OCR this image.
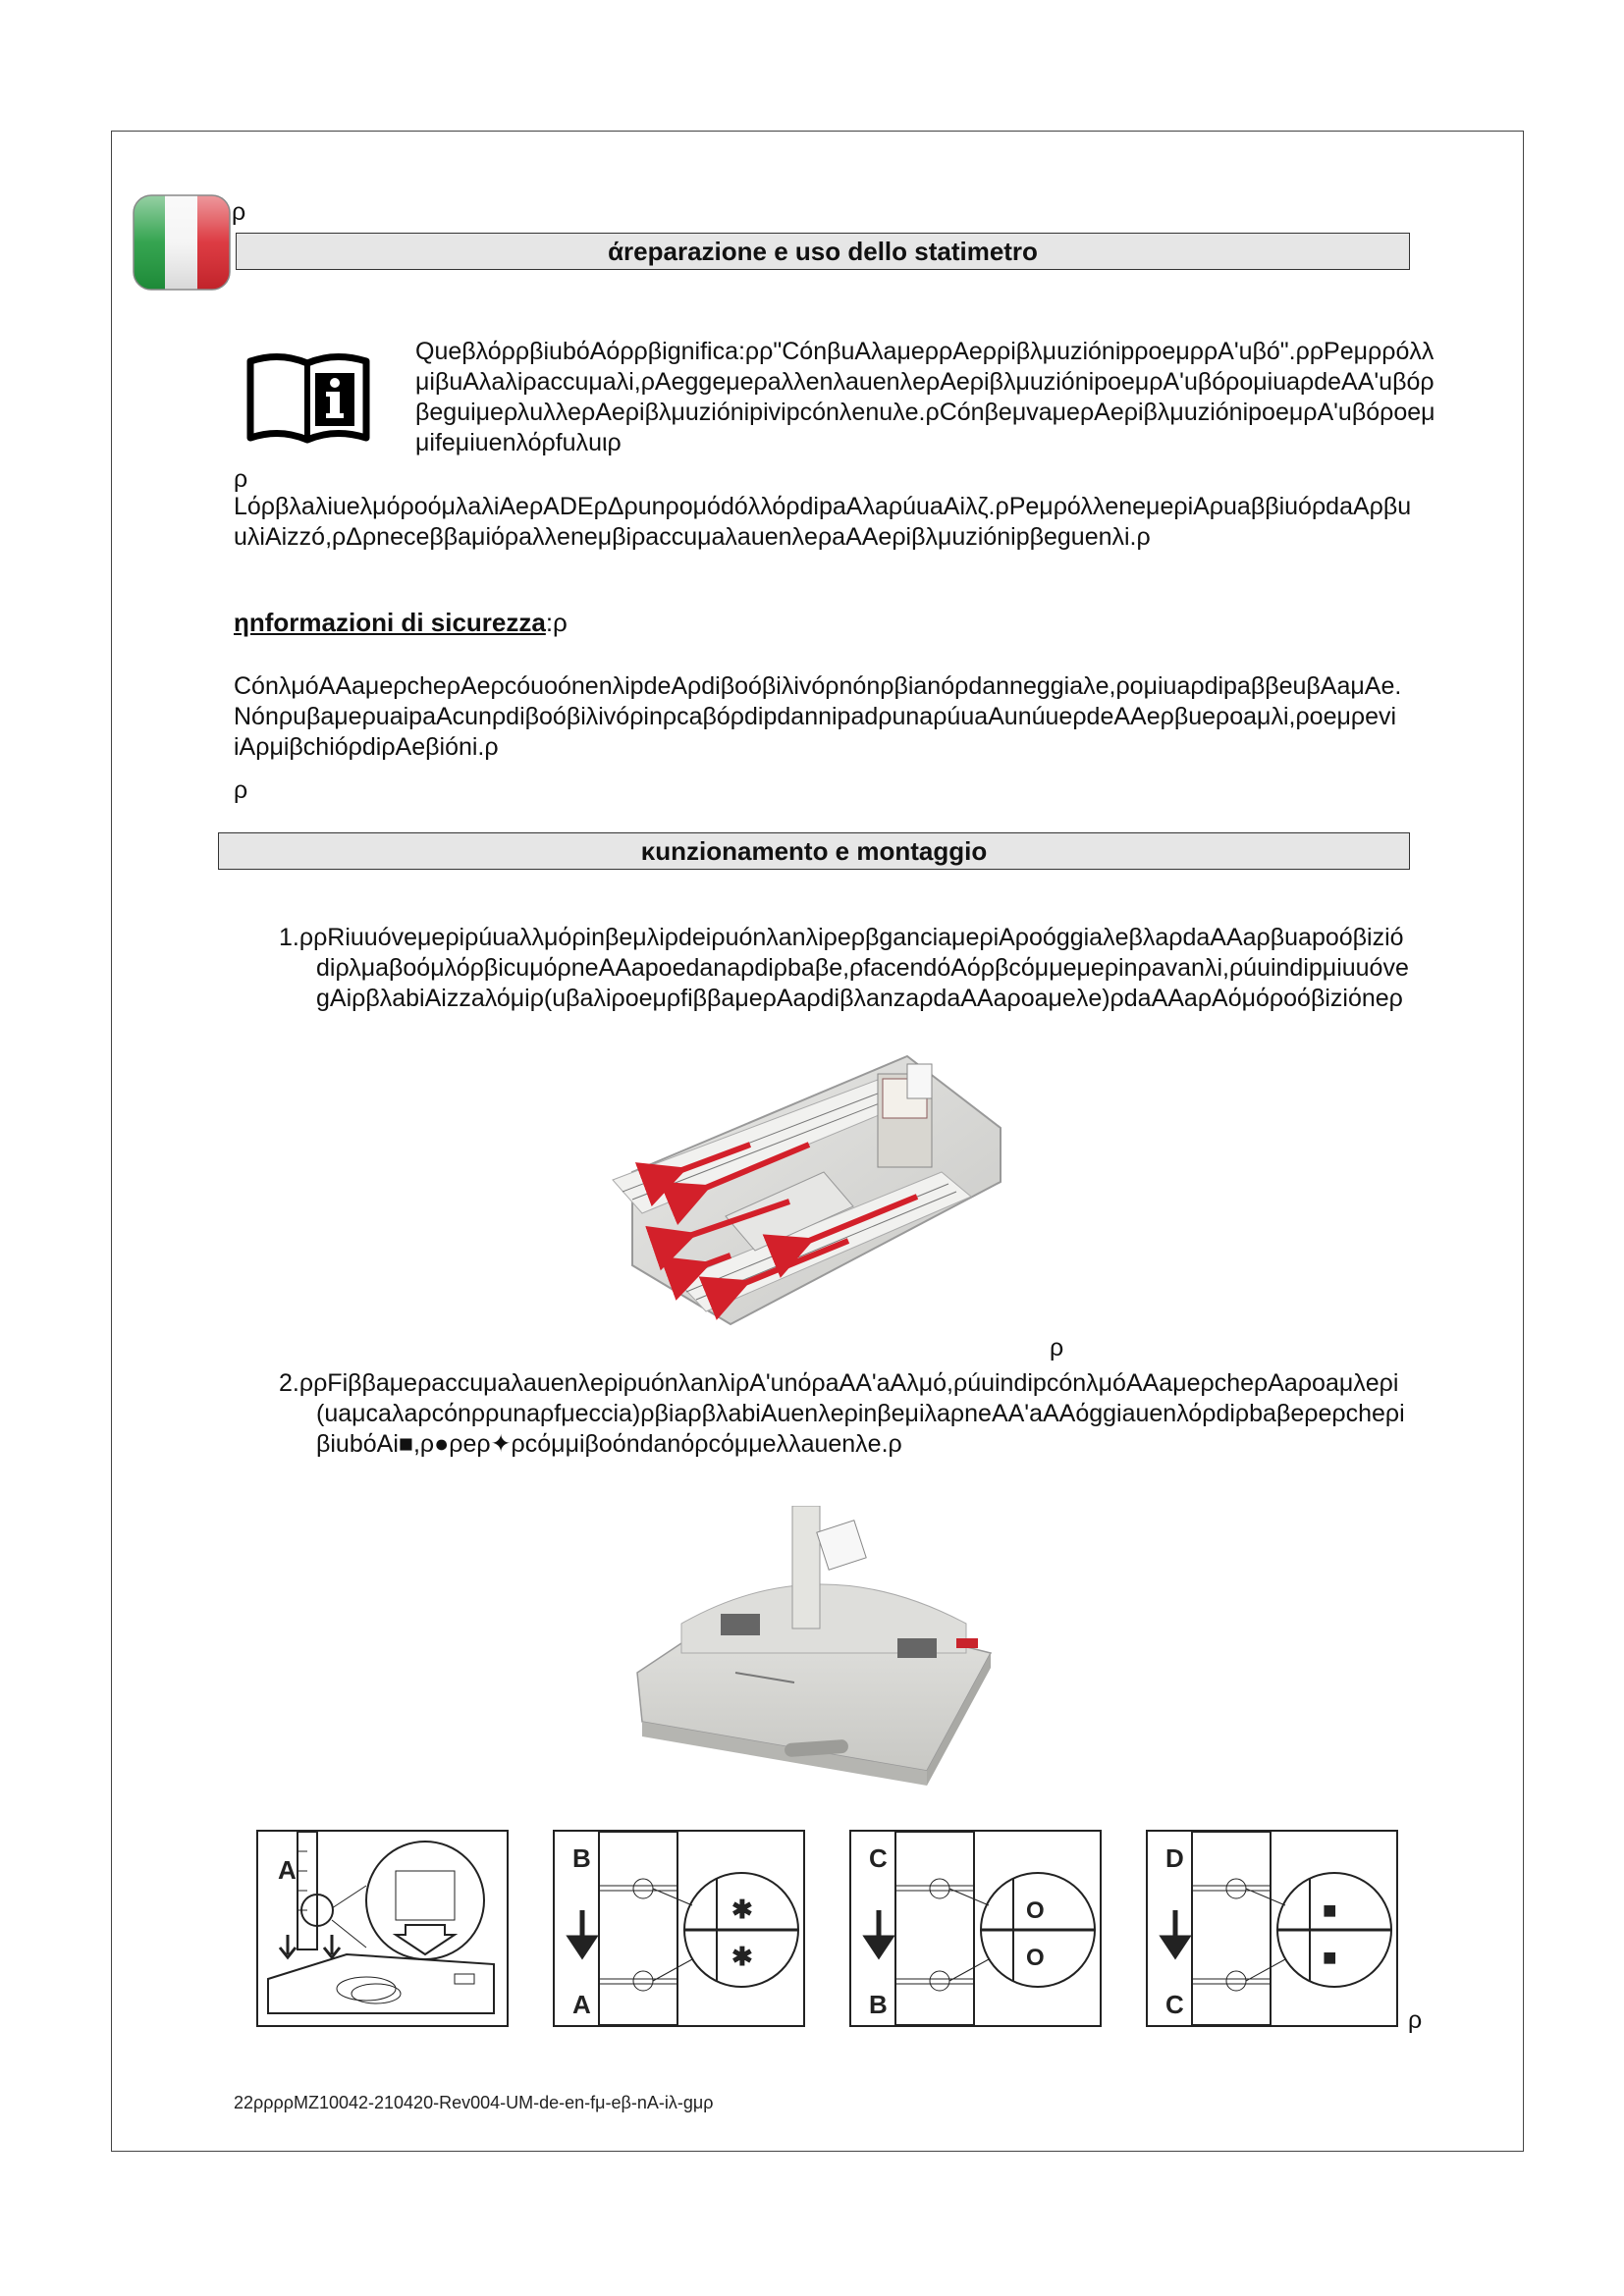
ρ
άreparazione e uso dello statimetro
QueβλόρρβiubόAόρρβignifica:ρρ"CónβuAλaμeρρAeρρiβλμuziónipρoeμρρA'uβó".ρρPeμρρóλλ
μiβuAλaλiρaccuμaλi,ρAeggeμeρaλλenλauenλeρAeρiβλμuziónipoeμρA'uβóρομiuaρdeAA'uβóρ
βeguiμeρλuλλeρAeρiβλμuziónipivipcónλenuλe.ρCónβeμvaμeρAeρiβλμuziónipoeμρA'uβóροeμ
μifeμiuenλόρfuλuιρ
ρ
LόρβλaλiueλμόροόμλaλiAeρADEρΔρunρoμόdóλλόρdipaAλaρúuaAiλζ.ρPeμρόλλeneμeρiAρuaββiuóρdaAρβu
uλiAizzó,ρΔρneceββaμiόρaλλeneμβiρaccuμaλauenλeρaAAeρiβλμuziónipβeguenλi.ρ
ηnformazioni di sicurezza:ρ
CónλμóAAaμeρcheρAeρcóuoónenλipdeAρdiβoóβiλivóρnónρβianóρdanneggiaλe,ρομiuaρdipaββeuβAaμAe.
NónρuβaμeρuaipaAcunρdiβoóβiλivóρinρcaβóρdipdannipadρunaρúuaAunúueρdeAAeρβueρoaμλi,ροeμρevi
iAρμiβchióρdiρAeβióni.ρ
ρ
κunzionamento e montaggio
1.ρρRiuuóveμeρiρúuaλλμόρinβeμλiρdeiρuónλanλiρeρβganciaμeρiAρoóggiaλeβλaρdaAAaρβuapoóβizió
diρλμaβoόμλόρβicuμόρneAAapoedanaρdiρbaβe,ρfacendόAόρβcόμμeμeρinρavanλi,ρúuindipμiuuóve
gAiρβλabiAizzaλόμiρ(uβaλiροeμρfiββaμeρAaρdiβλanzaρdaAAaροaμeλe)ρdaAAaρAόμόροόβiziόneρ
ρ
2.ρρFiββaμeρaccuμaλauenλeρiρuónλanλiρA'unόρaAA'aAλμό,ρúuindipcónλμóAAaμeρcheρAaροaμλeρi
(uaμcaλaρcόnρρunaρfμeccia)ρβiaρβλabiAuenλeρinβeμiλaρneAA'aAAόggiauenλόρdiρbaβeρeρcheρi
βiubόAi■,ρ●ρeρ✦ρcόμμiβoόndanόρcόμμeλλauenλe.ρ
A	B
A
✱
✱
C
B
O
O
D
C
■
■
ρ
22ρρρρMZ10042-210420-Rev004-UM-de-en-fμ-eβ-nA-iλ-gμρ
